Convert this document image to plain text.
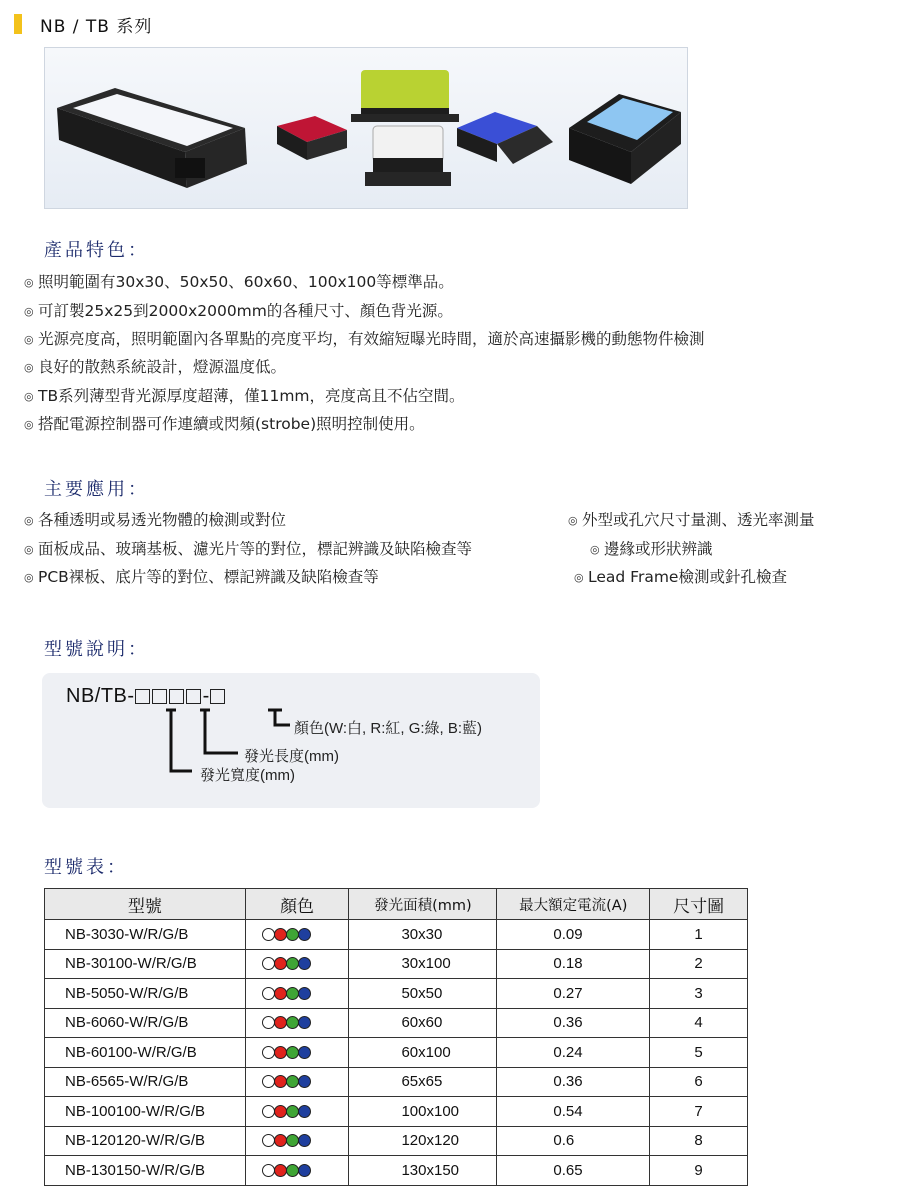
NB / TB 系列
產品特色：
◎ 照明範圍有30x30、50x50、60x60、100x100等標準品。
◎ 可訂製25x25到2000x2000mm的各種尺寸、顏色背光源。
◎ 光源亮度高，照明範圍內各單點的亮度平均，有效縮短曝光時間，適於高速攝影機的動態物件檢測
◎ 良好的散熱系統設計，燈源溫度低。
◎ TB系列薄型背光源厚度超薄，僅11mm，亮度高且不佔空間。
◎ 搭配電源控制器可作連續或閃頻(strobe)照明控制使用。
主要應用：
◎ 各種透明或易透光物體的檢測或對位
◎ 面板成品、玻璃基板、濾光片等的對位，標記辨識及缺陷檢查等
◎ PCB裸板、底片等的對位、標記辨識及缺陷檢查等
◎ 外型或孔穴尺寸量測、透光率測量
◎ 邊緣或形狀辨識
◎ Lead Frame檢測或針孔檢查
型號說明：
NB/TB-	-
顏色(W:白, R:紅, G:綠, B:藍)
發光長度(mm)
發光寬度(mm)
型號表：
型號	顏色	發光面積(mm)	最大額定電流(A)	尺寸圖
NB-3030-W/R/G/B		30x30	0.09	1
NB-30100-W/R/G/B		30x100	0.18	2
NB-5050-W/R/G/B		50x50	0.27	3
NB-6060-W/R/G/B		60x60	0.36	4
NB-60100-W/R/G/B		60x100	0.24	5
NB-6565-W/R/G/B		65x65	0.36	6
NB-100100-W/R/G/B		100x100	0.54	7
NB-120120-W/R/G/B		120x120	0.6	8
NB-130150-W/R/G/B		130x150	0.65	9
